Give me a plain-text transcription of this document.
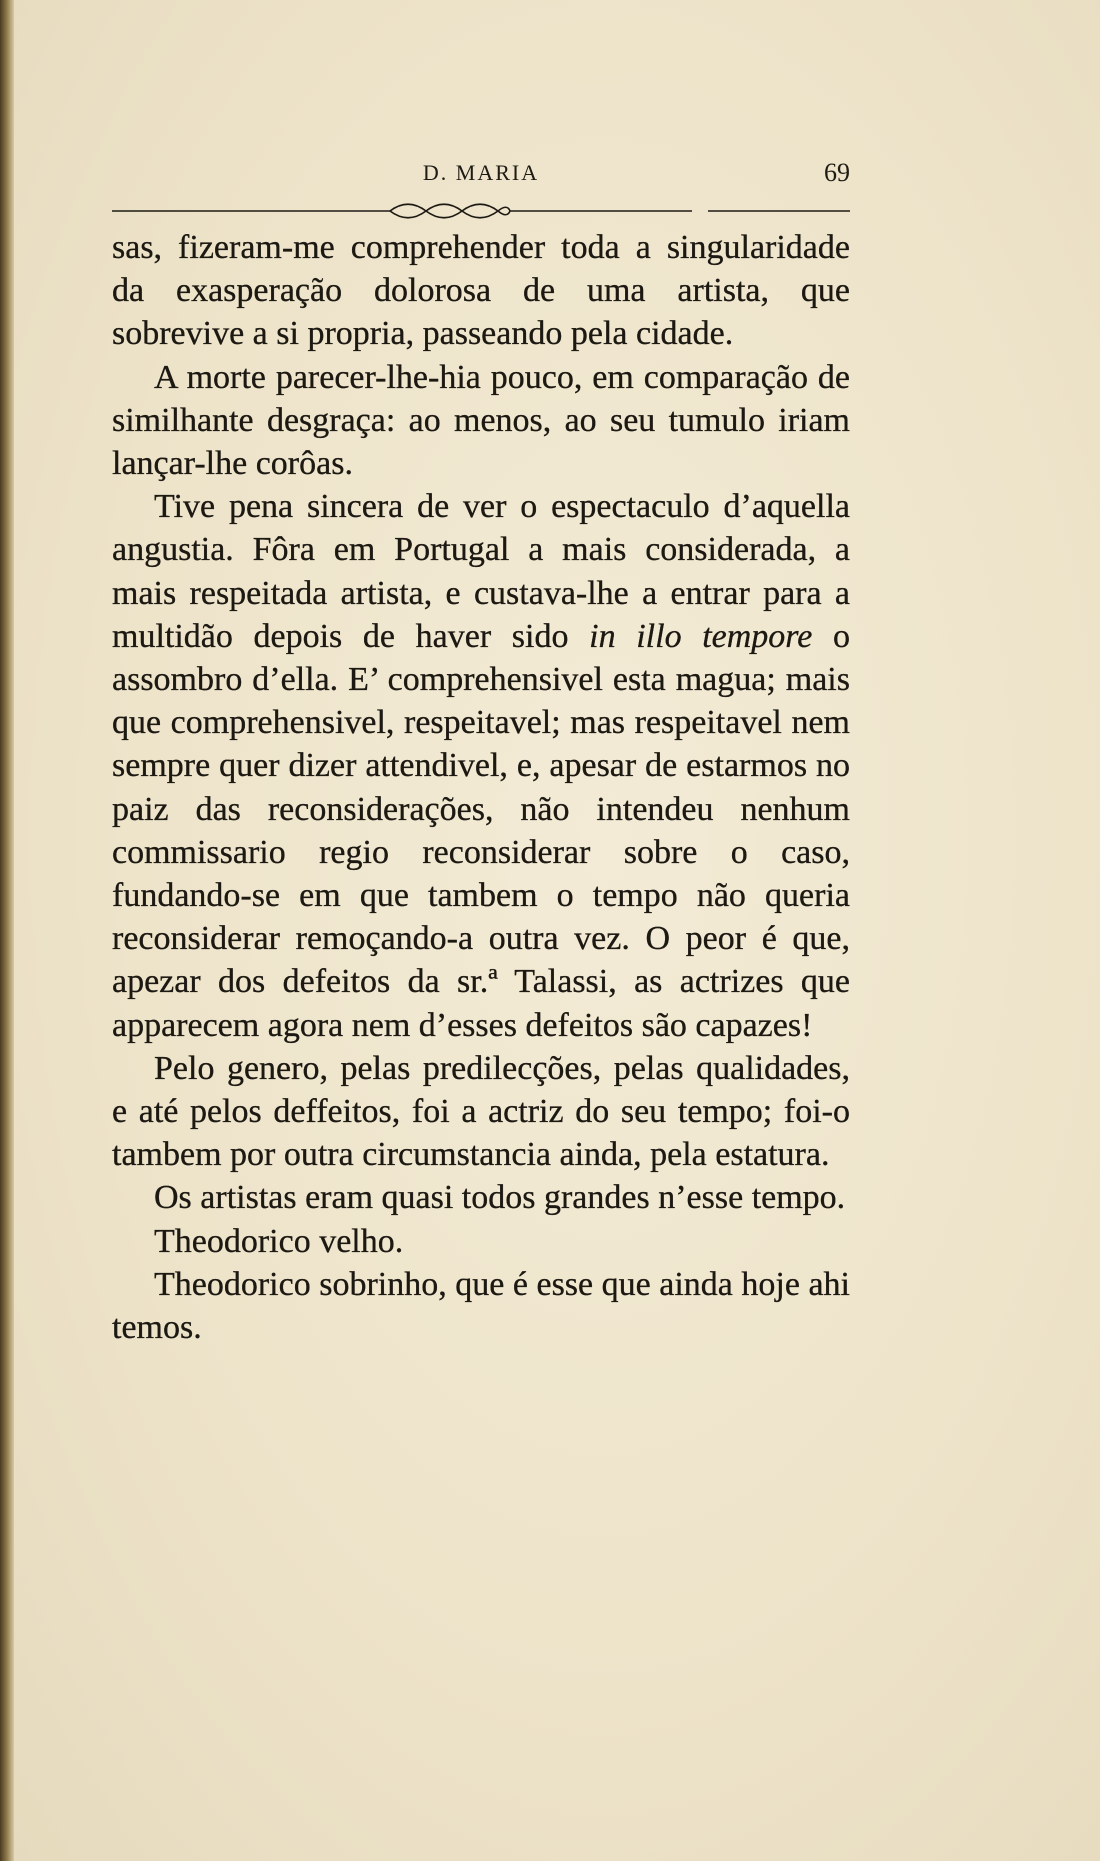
D. MARIA	69

sas, fizeram-me comprehender toda a singularidade da exasperação dolorosa de uma artista, que sobrevive a si propria, passeando pela cidade.

A morte parecer-lhe-hia pouco, em comparação de similhante desgraça: ao menos, ao seu tumulo iriam lançar-lhe corôas.

Tive pena sincera de ver o espectaculo d’aquella angustia. Fôra em Portugal a mais considerada, a mais respeitada artista, e custava-lhe a entrar para a multidão depois de haver sido in illo tempore o assombro d’ella. E’ comprehensivel esta magua; mais que comprehensivel, respeitavel; mas respeitavel nem sempre quer dizer attendivel, e, apesar de estarmos no paiz das reconsiderações, não intendeu nenhum commissario regio reconsiderar sobre o caso, fundando-se em que tambem o tempo não queria reconsiderar remoçando-a outra vez. O peor é que, apezar dos defeitos da sr.ª Talassi, as actrizes que apparecem agora nem d’esses defeitos são capazes!

Pelo genero, pelas predilecções, pelas qualidades, e até pelos deffeitos, foi a actriz do seu tempo; foi-o tambem por outra circumstancia ainda, pela estatura.

Os artistas eram quasi todos grandes n’esse tempo.

Theodorico velho.

Theodorico sobrinho, que é esse que ainda hoje ahi temos.
